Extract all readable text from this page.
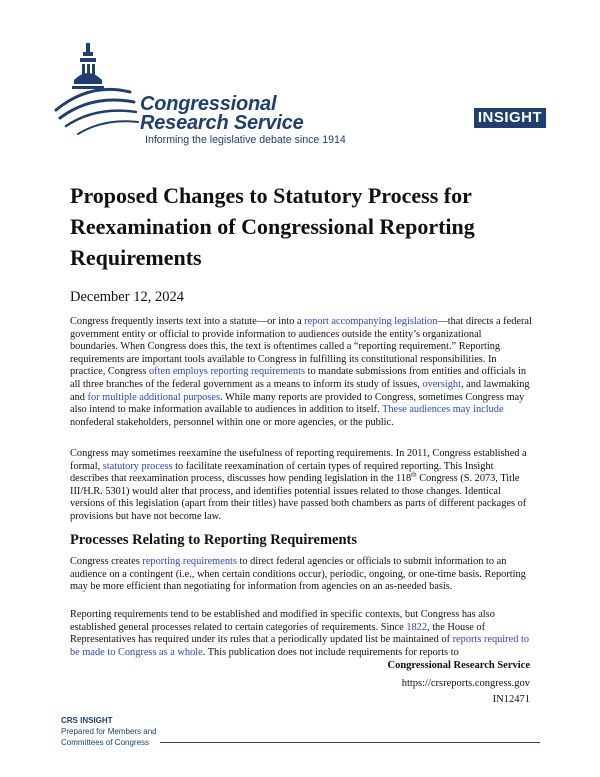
Congressional
Research Service
Informing the legislative debate since 1914
INSIGHT
Proposed Changes to Statutory Process for Reexamination of Congressional Reporting Requirements
December 12, 2024
Congress frequently inserts text into a statute—or into a report accompanying legislation—that directs a federal government entity or official to provide information to audiences outside the entity’s organizational boundaries. When Congress does this, the text is oftentimes called a “reporting requirement.” Reporting requirements are important tools available to Congress in fulfilling its constitutional responsibilities. In practice, Congress often employs reporting requirements to mandate submissions from entities and officials in all three branches of the federal government as a means to inform its study of issues, oversight, and lawmaking and for multiple additional purposes. While many reports are provided to Congress, sometimes Congress may also intend to make information available to audiences in addition to itself. These audiences may include nonfederal stakeholders, personnel within one or more agencies, or the public.
Congress may sometimes reexamine the usefulness of reporting requirements. In 2011, Congress established a formal, statutory process to facilitate reexamination of certain types of required reporting. This Insight describes that reexamination process, discusses how pending legislation in the 118th Congress (S. 2073, Title III/H.R. 5301) would alter that process, and identifies potential issues related to those changes. Identical versions of this legislation (apart from their titles) have passed both chambers as parts of different packages of provisions but have not become law.
Processes Relating to Reporting Requirements
Congress creates reporting requirements to direct federal agencies or officials to submit information to an audience on a contingent (i.e., when certain conditions occur), periodic, ongoing, or one-time basis. Reporting may be more efficient than negotiating for information from agencies on an as-needed basis.
Reporting requirements tend to be established and modified in specific contexts, but Congress has also established general processes related to certain categories of requirements. Since 1822, the House of Representatives has required under its rules that a periodically updated list be maintained of reports required to be made to Congress as a whole. This publication does not include requirements for reports to
Congressional Research Service
https://crsreports.congress.gov
IN12471
CRS INSIGHT
Prepared for Members and
Committees of Congress
